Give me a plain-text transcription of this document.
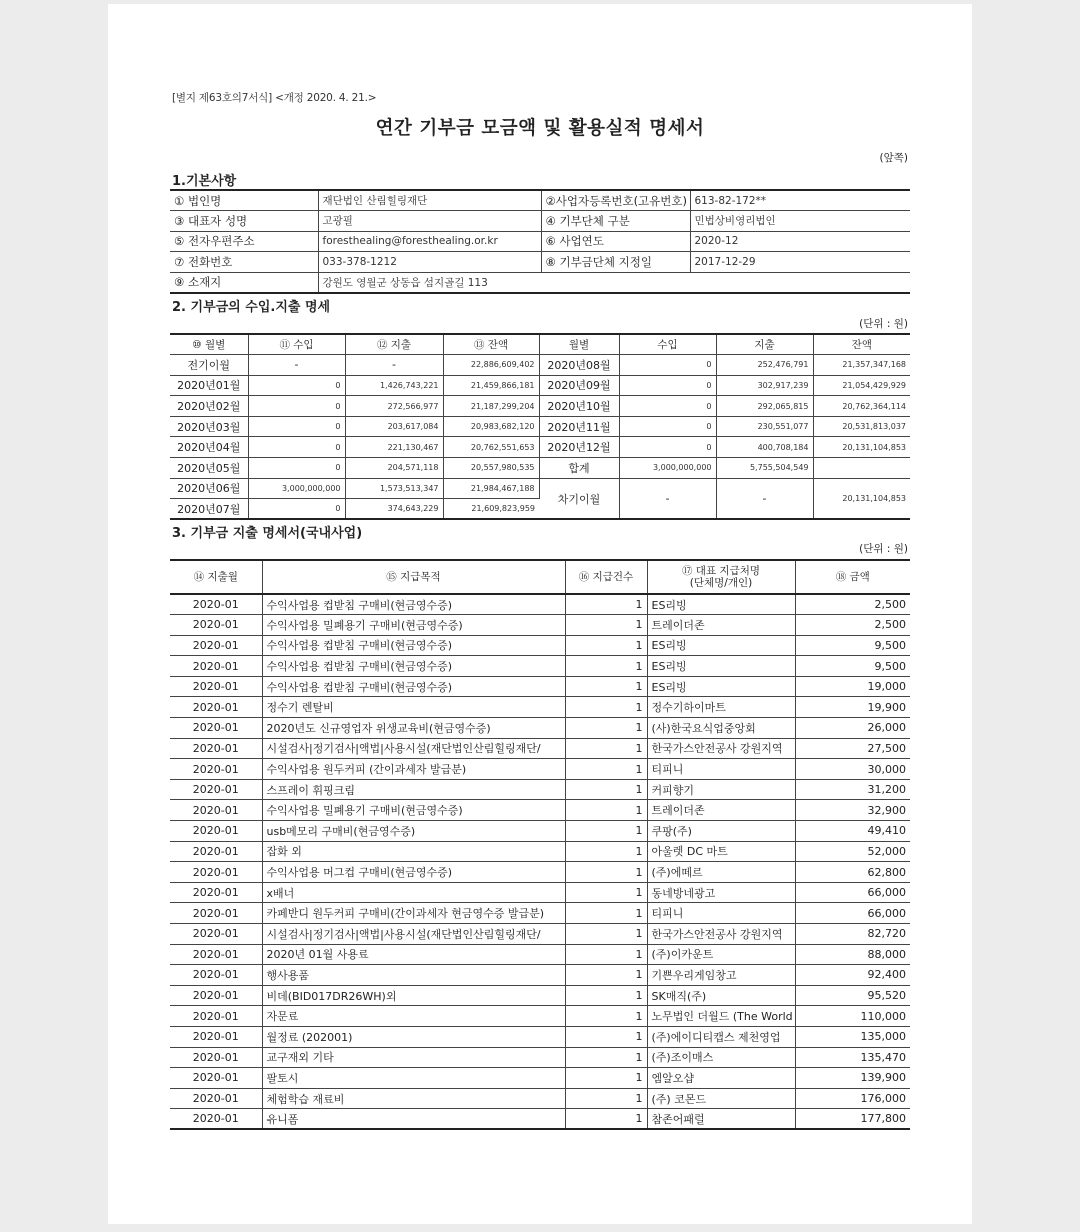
[별지 제63호의7서식] <개정 2020. 4. 21.>
연간 기부금 모금액 및 활용실적 명세서
(앞쪽)
1.기본사항
① 법인명	재단법인 산림힐링재단	②사업자등록번호(고유번호)	613-82-172**
③ 대표자 성명	고광필	④ 기부단체 구분	민법상비영리법인
⑤ 전자우편주소	foresthealing@foresthealing.or.kr	⑥ 사업연도	2020-12
⑦ 전화번호	033-378-1212	⑧ 기부금단체 지정일	2017-12-29
⑨ 소재지	강원도 영월군 상동읍 섬지골길 113		
2. 기부금의 수입.지출 명세
(단위 : 원)
⑩ 월별	⑪ 수입	⑫ 지출	⑬ 잔액	월별	수입	지출	잔액
전기이월	-	-	22,886,609,402	2020년08월	0	252,476,791	21,357,347,168
2020년01월	0	1,426,743,221	21,459,866,181	2020년09월	0	302,917,239	21,054,429,929
2020년02월	0	272,566,977	21,187,299,204	2020년10월	0	292,065,815	20,762,364,114
2020년03월	0	203,617,084	20,983,682,120	2020년11월	0	230,551,077	20,531,813,037
2020년04월	0	221,130,467	20,762,551,653	2020년12월	0	400,708,184	20,131,104,853
2020년05월	0	204,571,118	20,557,980,535	합계	3,000,000,000	5,755,504,549	
2020년06월	3,000,000,000	1,573,513,347	21,984,467,188	차기이월	-	-	20,131,104,853
2020년07월	0	374,643,229	21,609,823,959				
3. 기부금 지출 명세서(국내사업)
(단위 : 원)
⑭ 지출월	⑮ 지급목적	⑯ 지급건수	⑰ 대표 지급처명
(단체명/개인)	⑱ 금액
2020-01	수익사업용 컵받침 구매비(현금영수증)	1	ES리빙	2,500
2020-01	수익사업용 밀폐용기 구매비(현금영수증)	1	트레이더존	2,500
2020-01	수익사업용 컵받침 구매비(현금영수증)	1	ES리빙	9,500
2020-01	수익사업용 컵받침 구매비(현금영수증)	1	ES리빙	9,500
2020-01	수익사업용 컵받침 구매비(현금영수증)	1	ES리빙	19,000
2020-01	정수기 렌탈비	1	정수기하이마트	19,900
2020-01	2020년도 신규영업자 위생교육비(현금영수증)	1	(사)한국요식업중앙회	26,000
2020-01	시설검사|정기검사|액법|사용시설(재단법인산림힐링재단/	1	한국가스안전공사 강원지역	27,500
2020-01	수익사업용 원두커피 (간이과세자 발급분)	1	티피니	30,000
2020-01	스프레이 휘핑크림	1	커피향기	31,200
2020-01	수익사업용 밀폐용기 구매비(현금영수증)	1	트레이더존	32,900
2020-01	usb메모리 구매비(현금영수증)	1	쿠팡(주)	49,410
2020-01	잡화 외	1	아울렛 DC 마트	52,000
2020-01	수익사업용 머그컵 구매비(현금영수증)	1	(주)에떼르	62,800
2020-01	x배너	1	동네방네광고	66,000
2020-01	카페반디 원두커피 구매비(간이과세자 현금영수증 발급분)	1	티피니	66,000
2020-01	시설검사|정기검사|액법|사용시설(재단법인산림힐링재단/	1	한국가스안전공사 강원지역	82,720
2020-01	2020년 01월 사용료	1	(주)이카운트	88,000
2020-01	행사용품	1	기쁜우리게임창고	92,400
2020-01	비데(BID017DR26WH)외	1	SK매직(주)	95,520
2020-01	자문료	1	노무법인 더월드 (The World	110,000
2020-01	월정료 (202001)	1	(주)에이디티캡스 제천영업	135,000
2020-01	교구재외 기타	1	(주)조이매스	135,470
2020-01	팔토시	1	엠알오샵	139,900
2020-01	체험학습 재료비	1	(주) 코몬드	176,000
2020-01	유니폼	1	참존어패럴	177,800
